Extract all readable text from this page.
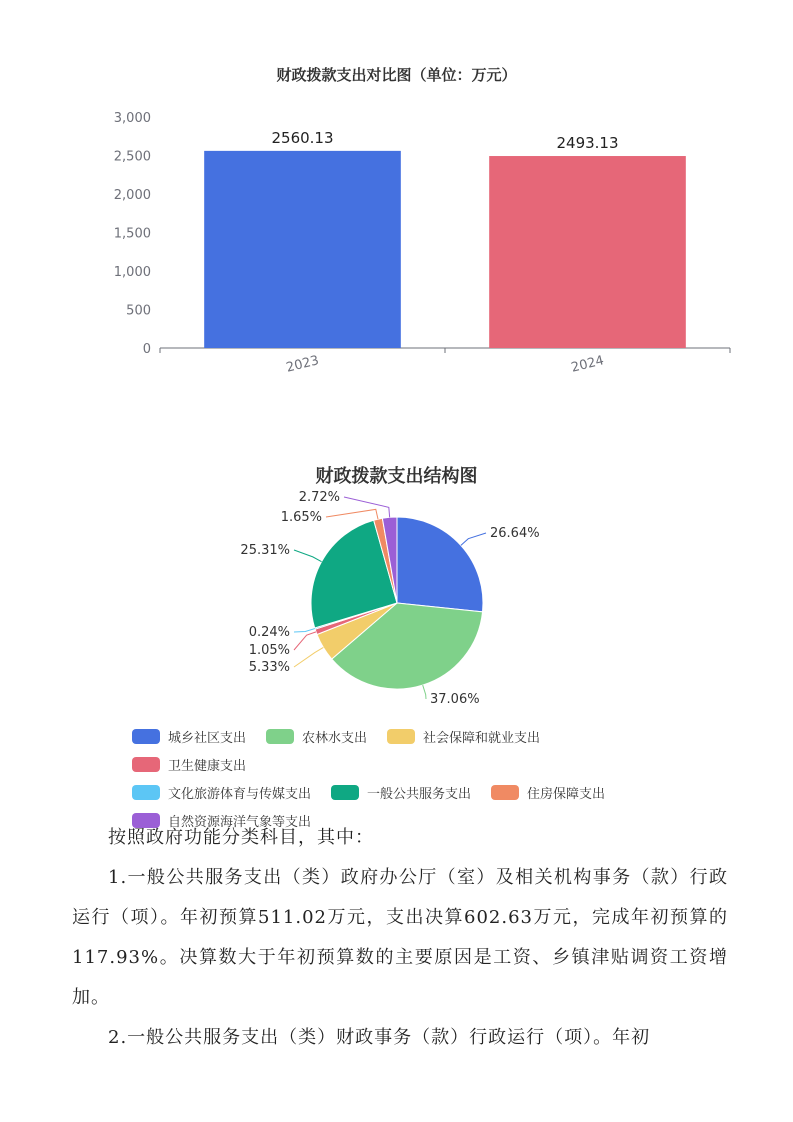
财政拨款支出对比图（单位：万元）
0
500
1,000
1,500
2,000
2,500
3,000
2560.13
2023
2493.13
2024
财政拨款支出结构图
26.64%
37.06%
5.33%
1.05%
0.24%
25.31%
1.65%
2.72%
城乡社区支出	农林水支出	社会保障和就业支出
卫生健康支出

文化旅游体育与传媒支出	一般公共服务支出	住房保障支出

自然资源海洋气象等支出

按照政府功能分类科目，其中：

1.一般公共服务支出（类）政府办公厅（室）及相关机构事务（款）行政运行（项）。年初预算511.02万元，支出决算602.63万元，完成年初预算的117.93%。决算数大于年初预算数的主要原因是工资、乡镇津贴调资工资增加。

2.一般公共服务支出（类）财政事务（款）行政运行（项）。年初
